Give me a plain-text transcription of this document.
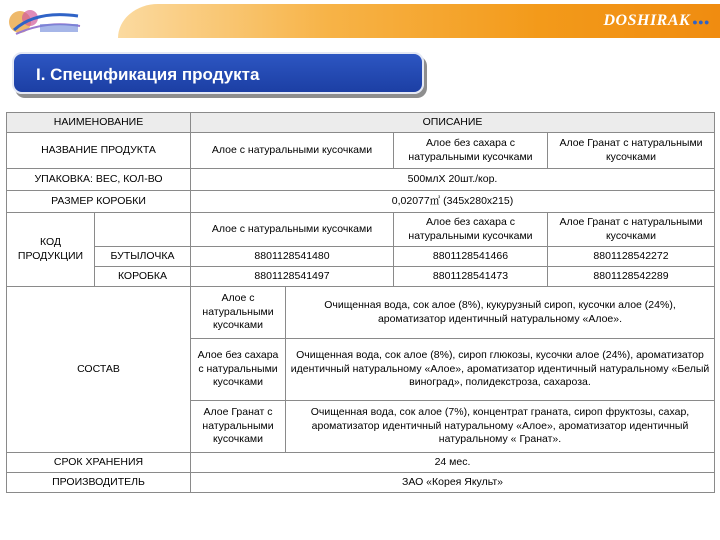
DOSHIRAK ●●●
I. Спецификация продукта
НАИМЕНОВАНИЕ		ОПИСАНИЕ			
НАЗВАНИЕ ПРОДУКТА		Алое с натуральными кусочками		Алое без сахара с натуральными кусочками	Алое Гранат с натуральными кусочками
УПАКОВКА: ВЕС, КОЛ-ВО		500млХ 20шт./кор.			
РАЗМЕР КОРОБКИ		0,02077㎥ (345х280х215)			
КОД ПРОДУКЦИИ		Алое с натуральными кусочками		Алое без сахара с натуральными кусочками	Алое Гранат с натуральными кусочками
	БУТЫЛОЧКА	8801128541480		8801128541466	8801128542272
	КОРОБКА	8801128541497		8801128541473	8801128542289
СОСТАВ		Алое с натуральными кусочками	Очищенная вода, сок алое (8%), кукурузный сироп, кусочки алое (24%), ароматизатор идентичный натуральному «Алое».		
		Алое без сахара с натуральными кусочками	Очищенная вода, сок алое (8%), сироп глюкозы, кусочки алое (24%), ароматизатор идентичный натуральному «Алое», ароматизатор идентичный натуральному «Белый виноград», полидекстроза, сахароза.		
		Алое Гранат с натуральными кусочками	Очищенная вода, сок алое (7%), концентрат граната, сироп фруктозы, сахар, ароматизатор идентичный натуральному «Алое», ароматизатор идентичный натуральному « Гранат».		
СРОК ХРАНЕНИЯ		24 мес.			
ПРОИЗВОДИТЕЛЬ		ЗАО «Корея Якульт»			
